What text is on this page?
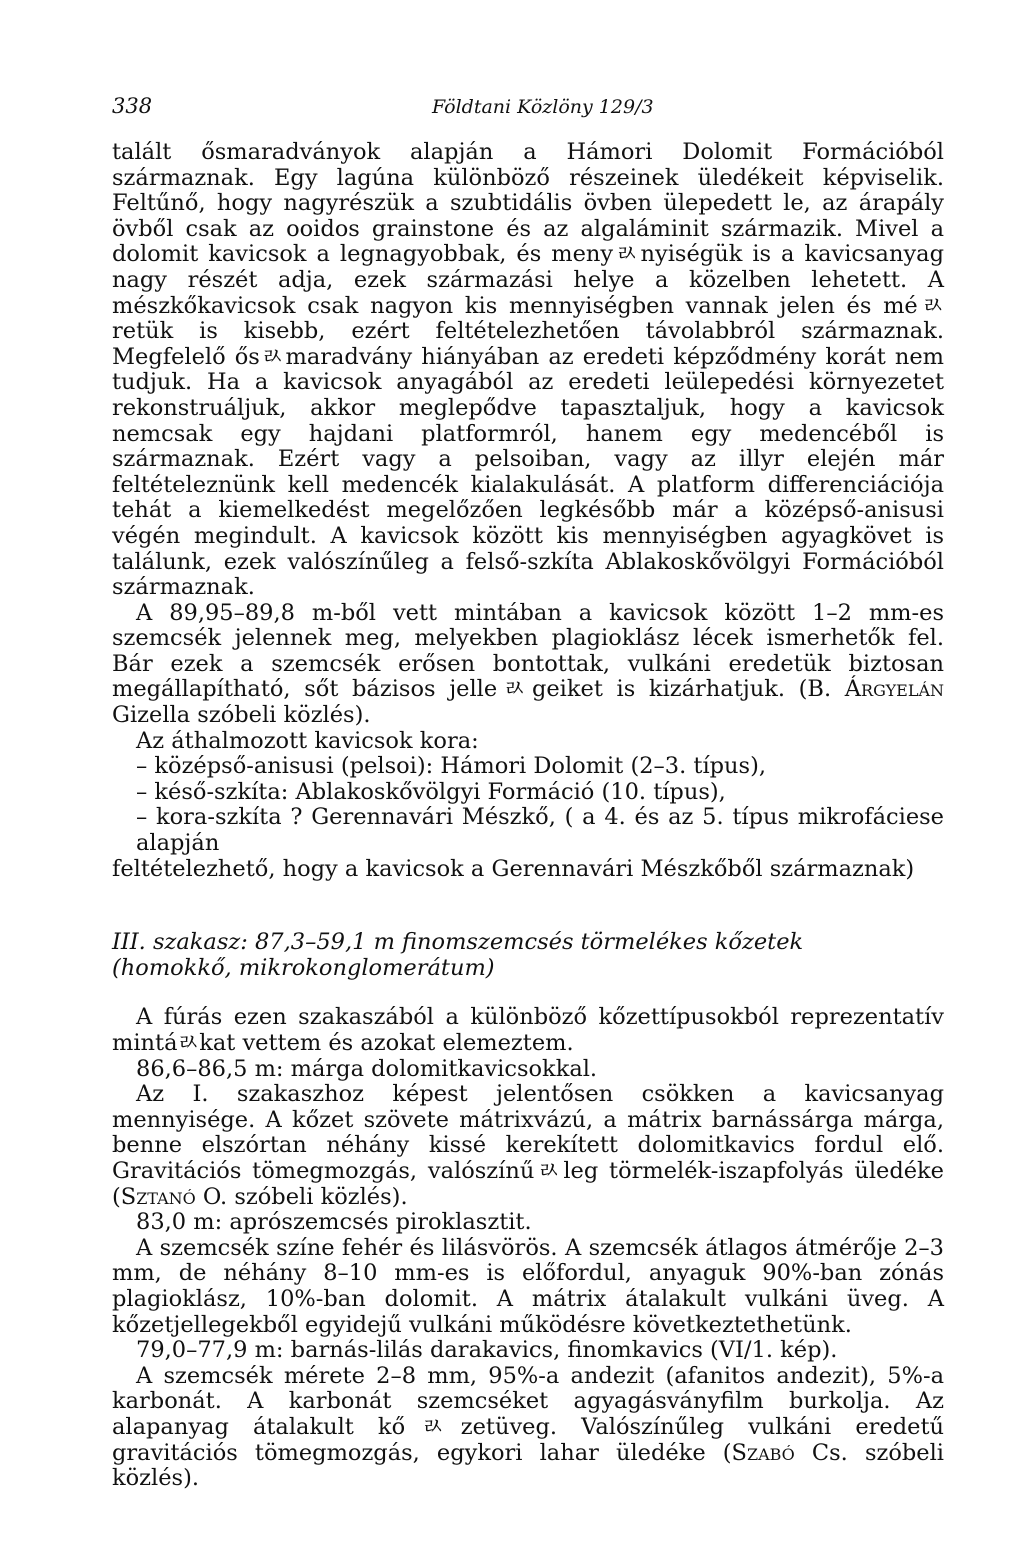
338	Földtani Közlöny 129/3

talált ősmaradványok alapján a Hámori Dolomit Formációból származnak. Egy lagúna különböző részeinek üledékeit képviselik. Feltűnő, hogy nagyrészük a szubtidális övben ülepedett le, az árapály övből csak az ooidos grainstone és az algaláminit származik. Mivel a dolomit kavicsok a legnagyobbak, és menyﾭnyiségük is a kavicsanyag nagy részét adja, ezek származási helye a közelben lehetett. A mészkőkavicsok csak nagyon kis mennyiségben vannak jelen és méﾭretük is kisebb, ezért feltételezhetően távolabbról származnak. Megfelelő ősﾭmaradvány hiányában az eredeti képződmény korát nem tudjuk. Ha a kavicsok anyagából az eredeti leülepedési környezetet rekonstruáljuk, akkor meglepődve tapasztaljuk, hogy a kavicsok nemcsak egy hajdani platformról, hanem egy medencéből is származnak. Ezért vagy a pelsoiban, vagy az illyr elején már feltételeznünk kell medencék kialakulását. A platform differenciációja tehát a kiemelkedést megelőzően legkésőbb már a középső-anisusi végén megindult. A kavicsok között kis mennyiségben agyagkövet is találunk, ezek valószínűleg a felső-szkíta Ablakoskővölgyi Formációból származnak.

A 89,95–89,8 m-ből vett mintában a kavicsok között 1–2 mm-es szemcsék jelennek meg, melyekben plagioklász lécek ismerhetők fel. Bár ezek a szemcsék erősen bontottak, vulkáni eredetük biztosan megállapítható, sőt bázisos jelleﾭgeiket is kizárhatjuk. (B. Árgyelán Gizella szóbeli közlés).

Az áthalmozott kavicsok kora:

– középső-anisusi (pelsoi): Hámori Dolomit (2–3. típus),

– késő-szkíta: Ablakoskővölgyi Formáció (10. típus),

– kora-szkíta ? Gerennavári Mészkő, ( a 4. és az 5. típus mikrofáciese alapján

feltételezhető, hogy a kavicsok a Gerennavári Mészkőből származnak)

III. szakasz: 87,3–59,1 m finomszemcsés törmelékes kőzetek
(homokkő, mikrokonglomerátum)

A fúrás ezen szakaszából a különböző kőzettípusokból reprezentatív mintáﾭkat vettem és azokat elemeztem.

86,6–86,5 m: márga dolomitkavicsokkal.

Az I. szakaszhoz képest jelentősen csökken a kavicsanyag mennyisége. A kőzet szövete mátrixvázú, a mátrix barnássárga márga, benne elszórtan néhány kissé kerekített dolomitkavics fordul elő. Gravitációs tömegmozgás, valószínűﾭleg törmelék-iszapfolyás üledéke (Sztanó O. szóbeli közlés).

83,0 m: aprószemcsés piroklasztit.

A szemcsék színe fehér és lilásvörös. A szemcsék átlagos átmérője 2–3 mm, de néhány 8–10 mm-es is előfordul, anyaguk 90%-ban zónás plagioklász, 10%-ban dolomit. A mátrix átalakult vulkáni üveg. A kőzetjellegekből egyidejű vulkáni működésre következtethetünk.

79,0–77,9 m: barnás-lilás darakavics, finomkavics (VI/1. kép).

A szemcsék mérete 2–8 mm, 95%-a andezit (afanitos andezit), 5%-a karbonát. A karbonát szemcséket agyagásványfilm burkolja. Az alapanyag átalakult kőﾭzetüveg. Valószínűleg vulkáni eredetű gravitációs tömegmozgás, egykori lahar üledéke (Szabó Cs. szóbeli közlés).
